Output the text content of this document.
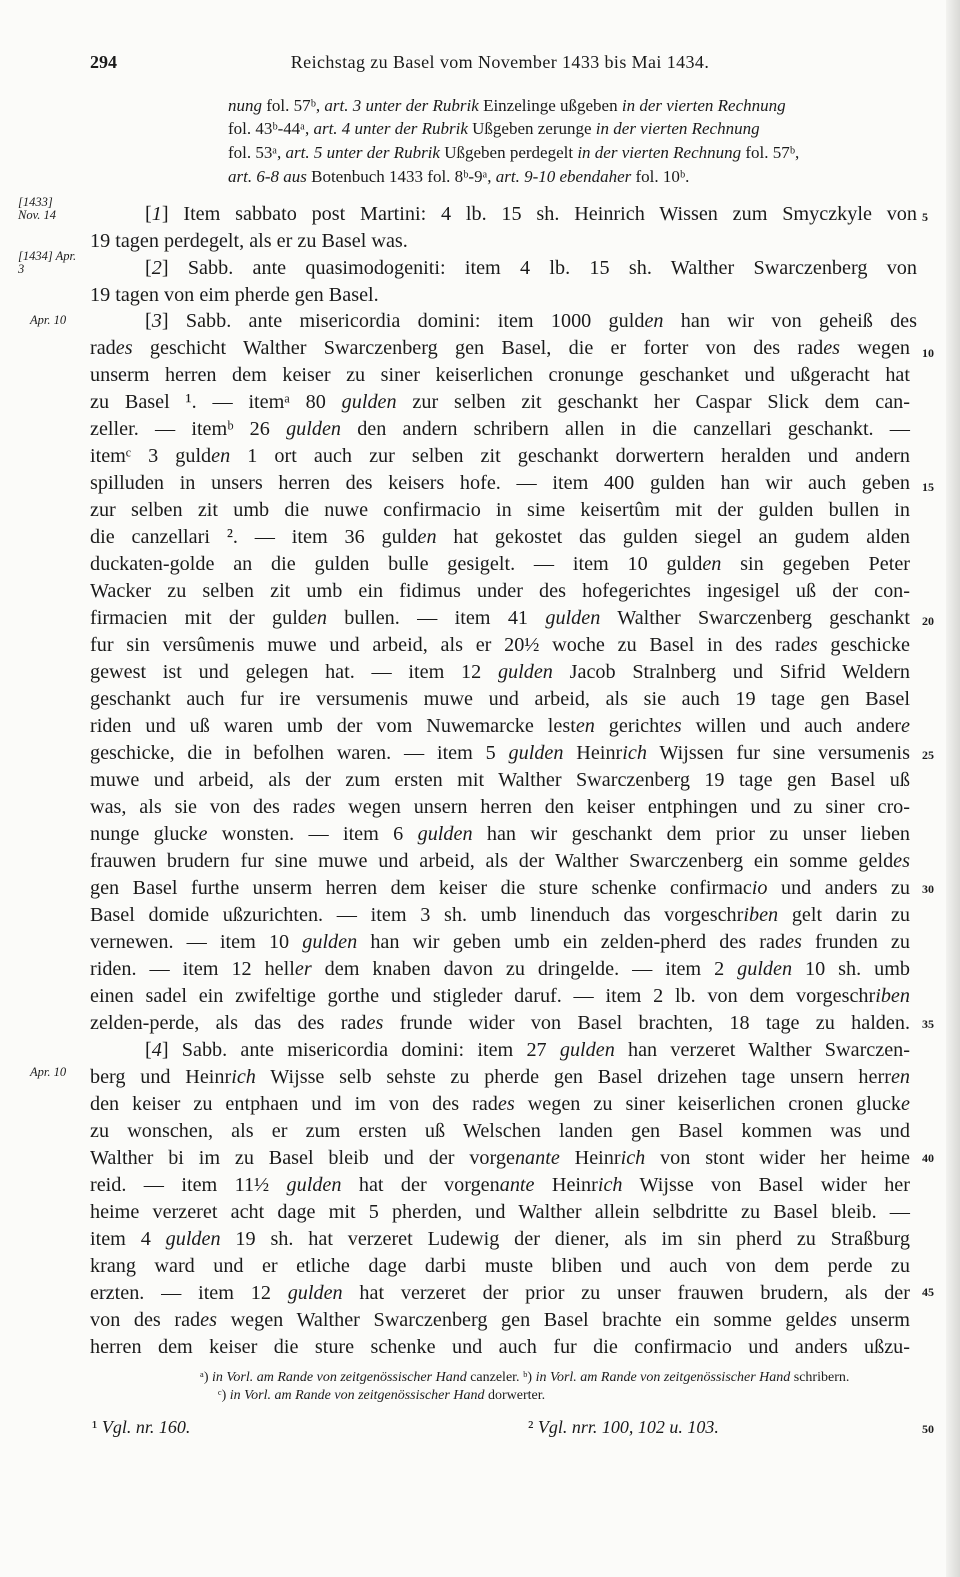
294	Reichstag zu Basel vom November 1433 bis Mai 1434.
nung fol. 57ᵇ, art. 3 unter der Rubrik Einzelinge ußgeben in der vierten Rechnung
fol. 43ᵇ-44ᵃ, art. 4 unter der Rubrik Ußgeben zerunge in der vierten Rechnung
fol. 53ᵃ, art. 5 unter der Rubrik Ußgeben perdegelt in der vierten Rechnung fol. 57ᵇ,
art. 6-8 aus Botenbuch 1433 fol. 8ᵇ-9ᵃ, art. 9-10 ebendaher fol. 10ᵇ.
[1433] Nov. 14
[1434] Apr. 3
Apr. 10
Apr. 10
5
10
15
20
25
30
35
40
45
50
[1] Item sabbato post Martini: 4 lb. 15 sh. Heinrich Wissen zum Smyczkyle von
19 tagen perdegelt, als er zu Basel was.
[2] Sabb. ante quasimodogeniti: item 4 lb. 15 sh. Walther Swarczenberg von
19 tagen von eim pherde gen Basel.
[3] Sabb. ante misericordia domini: item 1000 gulden han wir von geheiß des
rades geschicht Walther Swarczenberg gen Basel, die er forter von des rades wegen
unserm herren dem keiser zu siner keiserlichen cronunge geschanket und ußgeracht hat
zu Basel ¹. — itemᵃ 80 gulden zur selben zit geschankt her Caspar Slick dem can-
zeller. — itemᵇ 26 gulden den andern schribern allen in die canzellari geschankt. —
itemᶜ 3 gulden 1 ort auch zur selben zit geschankt dorwertern heralden und andern
spilluden in unsers herren des keisers hofe. — item 400 gulden han wir auch geben
zur selben zit umb die nuwe confirmacio in sime keisertûm mit der gulden bullen in
die canzellari ². — item 36 gulden hat gekostet das gulden siegel an gudem alden
duckaten-golde an die gulden bulle gesigelt. — item 10 gulden sin gegeben Peter
Wacker zu selben zit umb ein fidimus under des hofegerichtes ingesigel uß der con-
firmacien mit der gulden bullen. — item 41 gulden Walther Swarczenberg geschankt
fur sin versûmenis muwe und arbeid, als er 20½ woche zu Basel in des rades geschicke
gewest ist und gelegen hat. — item 12 gulden Jacob Stralnberg und Sifrid Weldern
geschankt auch fur ire versumenis muwe und arbeid, als sie auch 19 tage gen Basel
riden und uß waren umb der vom Nuwemarcke lesten gerichtes willen und auch andere
geschicke, die in befolhen waren. — item 5 gulden Heinrich Wijssen fur sine versumenis
muwe und arbeid, als der zum ersten mit Walther Swarczenberg 19 tage gen Basel uß
was, als sie von des rades wegen unsern herren den keiser entphingen und zu siner cro-
nunge glucke wonsten. — item 6 gulden han wir geschankt dem prior zu unser lieben
frauwen brudern fur sine muwe und arbeid, als der Walther Swarczenberg ein somme geldes
gen Basel furthe unserm herren dem keiser die sture schenke confirmacio und anders zu
Basel domide ußzurichten. — item 3 sh. umb linenduch das vorgeschriben gelt darin zu
vernewen. — item 10 gulden han wir geben umb ein zelden-pherd des rades frunden zu
riden. — item 12 heller dem knaben davon zu dringelde. — item 2 gulden 10 sh. umb
einen sadel ein zwifeltige gorthe und stigleder daruf. — item 2 lb. von dem vorgeschriben
zelden-perde, als das des rades frunde wider von Basel brachten, 18 tage zu halden.
[4] Sabb. ante misericordia domini: item 27 gulden han verzeret Walther Swarczen-
berg und Heinrich Wijsse selb sehste zu pherde gen Basel drizehen tage unsern herren
den keiser zu entphaen und im von des rades wegen zu siner keiserlichen cronen glucke
zu wonschen, als er zum ersten uß Welschen landen gen Basel kommen was und
Walther bi im zu Basel bleib und der vorgenante Heinrich von stont wider her heime
reid. — item 11½ gulden hat der vorgenante Heinrich Wijsse von Basel wider her
heime verzeret acht dage mit 5 pherden, und Walther allein selbdritte zu Basel bleib. —
item 4 gulden 19 sh. hat verzeret Ludewig der diener, als im sin pherd zu Straßburg
krang ward und er etliche dage darbi muste bliben und auch von dem perde zu
erzten. — item 12 gulden hat verzeret der prior zu unser frauwen brudern, als der
von des rades wegen Walther Swarczenberg gen Basel brachte ein somme geldes unserm
herren dem keiser die sture schenke und auch fur die confirmacio und anders ußzu-
ᵃ) in Vorl. am Rande von zeitgenössischer Hand canzeler. ᵇ) in Vorl. am Rande von zeitgenössischer Hand schribern.
ᶜ) in Vorl. am Rande von zeitgenössischer Hand dorwerter.
¹ Vgl. nr. 160.	² Vgl. nrr. 100, 102 u. 103.
